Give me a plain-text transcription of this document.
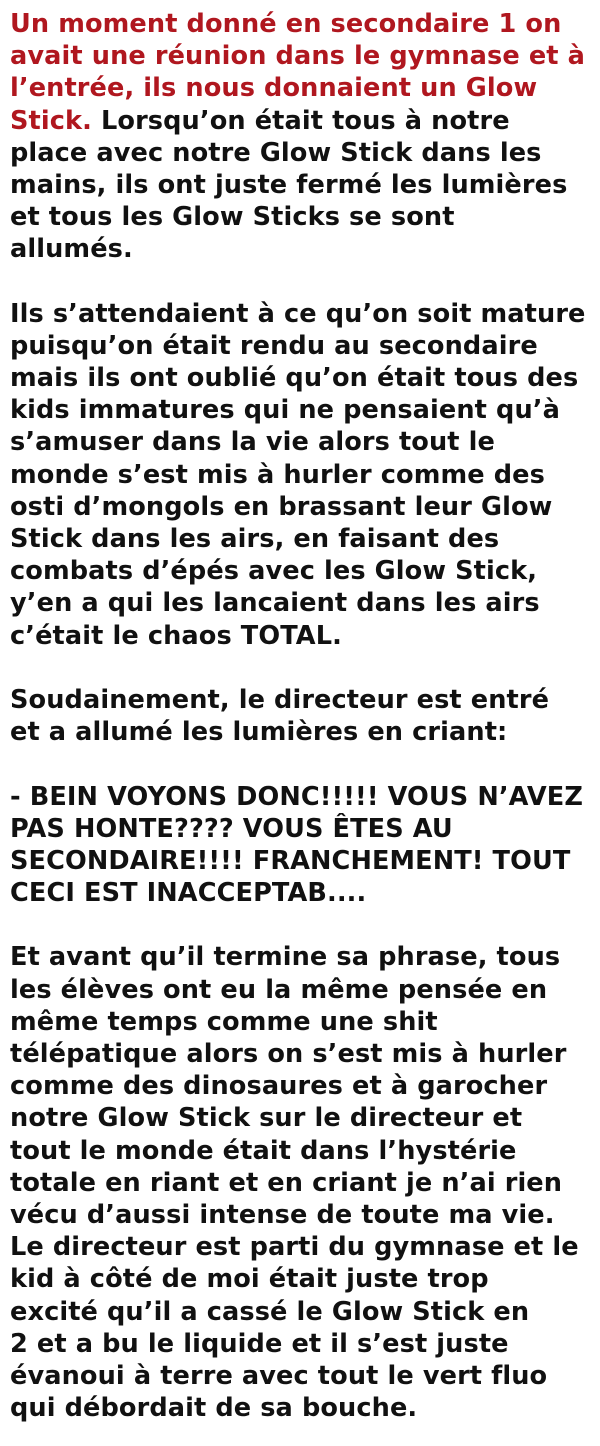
Un moment donné en secondaire 1 on
avait une réunion dans le gymnase et à
l’entrée, ils nous donnaient un Glow
Stick. Lorsqu’on était tous à notre
place avec notre Glow Stick dans les
mains, ils ont juste fermé les lumières
et tous les Glow Sticks se sont
allumés.
Ils s’attendaient à ce qu’on soit mature
puisqu’on était rendu au secondaire
mais ils ont oublié qu’on était tous des
kids immatures qui ne pensaient qu’à
s’amuser dans la vie alors tout le
monde s’est mis à hurler comme des
osti d’mongols en brassant leur Glow
Stick dans les airs, en faisant des
combats d’épés avec les Glow Stick,
y’en a qui les lancaient dans les airs
c’était le chaos TOTAL.
Soudainement, le directeur est entré
et a allumé les lumières en criant:
- BEIN VOYONS DONC!!!!! VOUS N’AVEZ
PAS HONTE???? VOUS ÊTES AU
SECONDAIRE!!!! FRANCHEMENT! TOUT
CECI EST INACCEPTAB....
Et avant qu’il termine sa phrase, tous
les élèves ont eu la même pensée en
même temps comme une shit
télépatique alors on s’est mis à hurler
comme des dinosaures et à garocher
notre Glow Stick sur le directeur et
tout le monde était dans l’hystérie
totale en riant et en criant je n’ai rien
vécu d’aussi intense de toute ma vie.
Le directeur est parti du gymnase et le
kid à côté de moi était juste trop
excité qu’il a cassé le Glow Stick en
2 et a bu le liquide et il s’est juste
évanoui à terre avec tout le vert fluo
qui débordait de sa bouche.
